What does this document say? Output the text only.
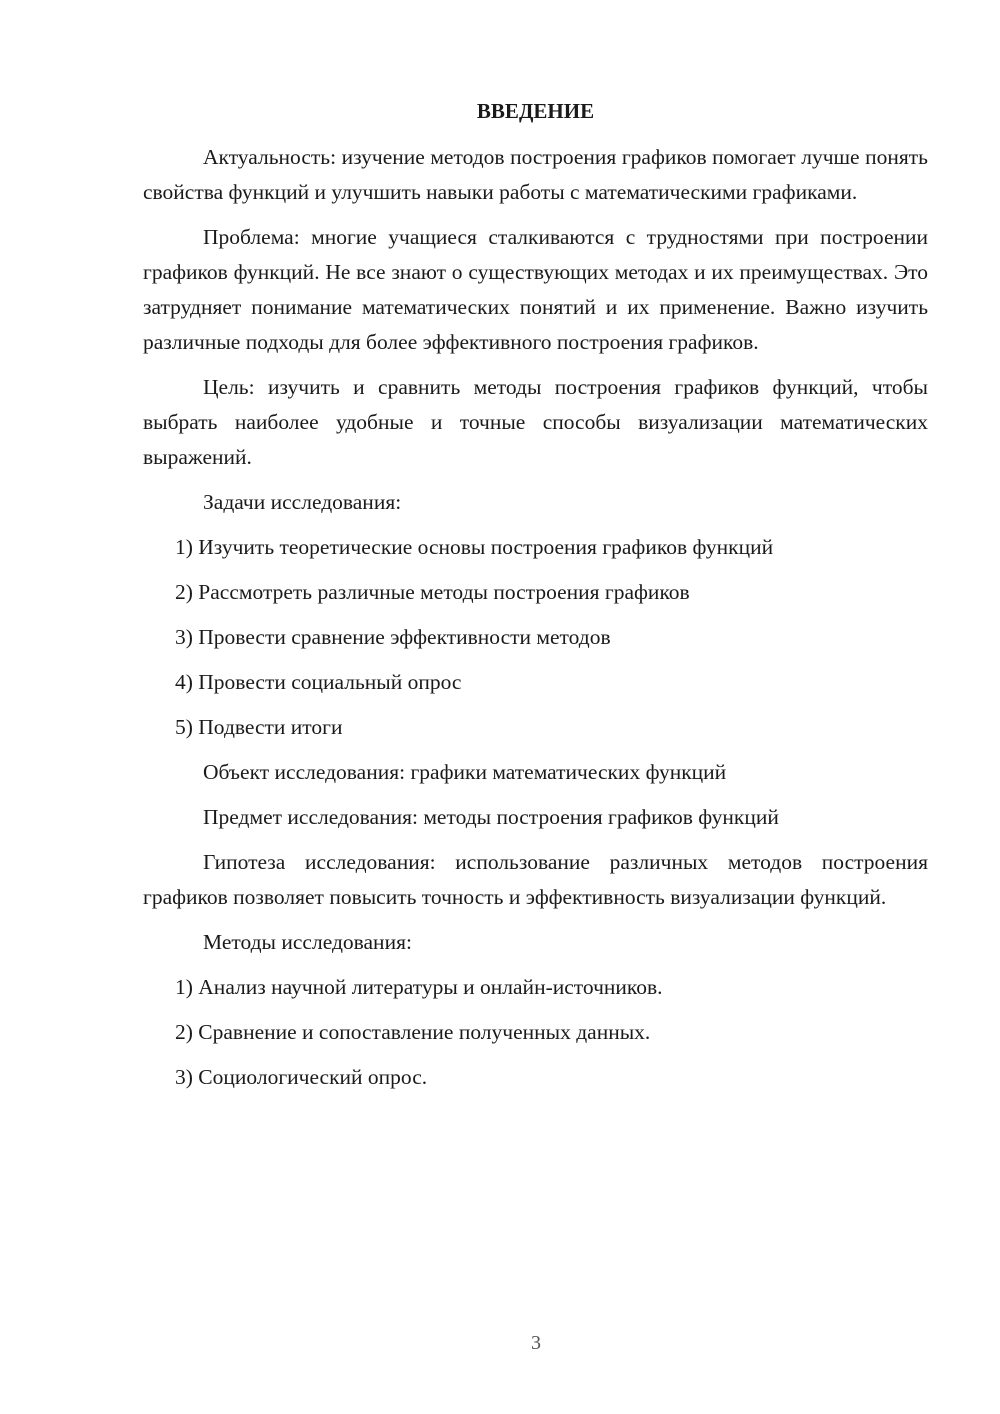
ВВЕДЕНИЕ

Актуальность: изучение методов построения графиков помогает лучше понять свойства функций и улучшить навыки работы с математическими графиками.

Проблема: многие учащиеся сталкиваются с трудностями при построении графиков функций. Не все знают о существующих методах и их преимуществах. Это затрудняет понимание математических понятий и их применение. Важно изучить различные подходы для более эффективного построения графиков.

Цель: изучить и сравнить методы построения графиков функций, чтобы выбрать наиболее удобные и точные способы визуализации математических выражений.

Задачи исследования:

1) Изучить теоретические основы построения графиков функций

2) Рассмотреть различные методы построения графиков

3) Провести сравнение эффективности методов

4) Провести социальный опрос

5) Подвести итоги

Объект исследования: графики математических функций

Предмет исследования: методы построения графиков функций

Гипотеза исследования: использование различных методов построения графиков позволяет повысить точность и эффективность визуализации функций.

Методы исследования:

1) Анализ научной литературы и онлайн-источников.

2) Сравнение и сопоставление полученных данных.

3) Социологический опрос.

3
